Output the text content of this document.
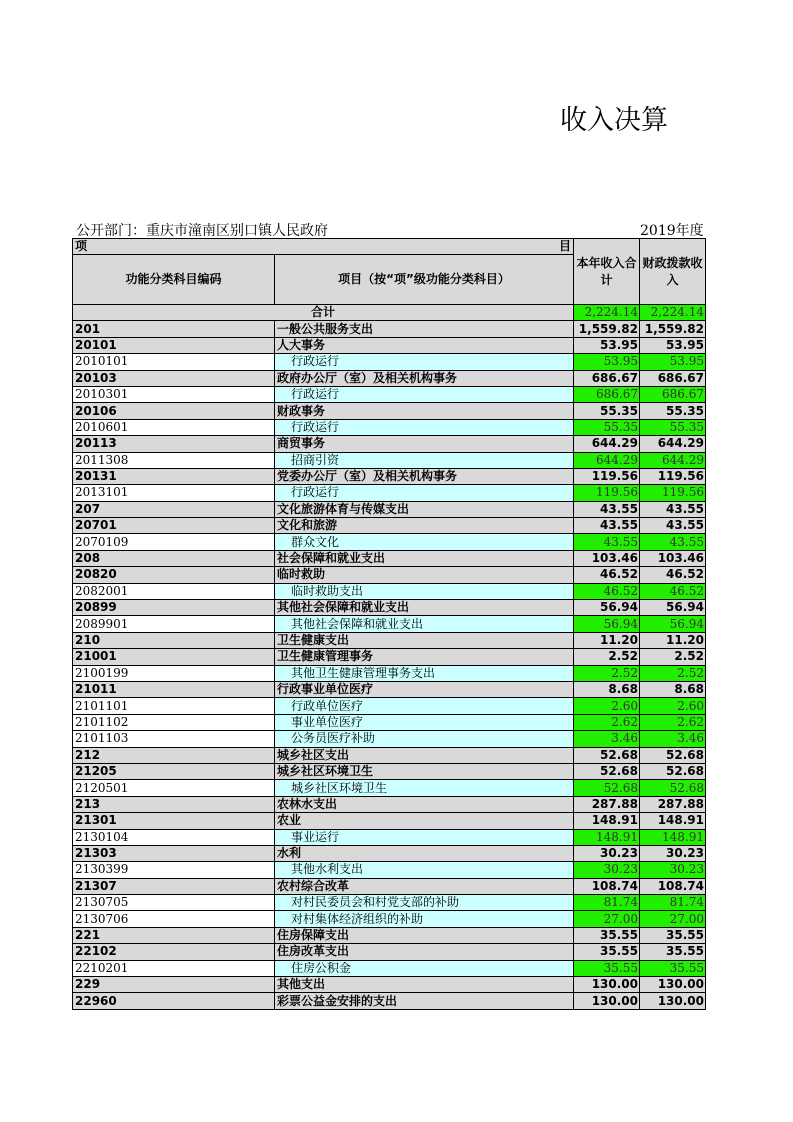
收入决算
公开部门：重庆市潼南区别口镇人民政府	2019年度
项 目		本年收入合计	财政拨款收入
功能分类科目编码	项目（按“项”级功能分类科目）		
合计		2,224.14	2,224.14
201	一般公共服务支出	1,559.82	1,559.82
20101	人大事务	53.95	53.95
2010101	行政运行	53.95	53.95
20103	政府办公厅（室）及相关机构事务	686.67	686.67
2010301	行政运行	686.67	686.67
20106	财政事务	55.35	55.35
2010601	行政运行	55.35	55.35
20113	商贸事务	644.29	644.29
2011308	招商引资	644.29	644.29
20131	党委办公厅（室）及相关机构事务	119.56	119.56
2013101	行政运行	119.56	119.56
207	文化旅游体育与传媒支出	43.55	43.55
20701	文化和旅游	43.55	43.55
2070109	群众文化	43.55	43.55
208	社会保障和就业支出	103.46	103.46
20820	临时救助	46.52	46.52
2082001	临时救助支出	46.52	46.52
20899	其他社会保障和就业支出	56.94	56.94
2089901	其他社会保障和就业支出	56.94	56.94
210	卫生健康支出	11.20	11.20
21001	卫生健康管理事务	2.52	2.52
2100199	其他卫生健康管理事务支出	2.52	2.52
21011	行政事业单位医疗	8.68	8.68
2101101	行政单位医疗	2.60	2.60
2101102	事业单位医疗	2.62	2.62
2101103	公务员医疗补助	3.46	3.46
212	城乡社区支出	52.68	52.68
21205	城乡社区环境卫生	52.68	52.68
2120501	城乡社区环境卫生	52.68	52.68
213	农林水支出	287.88	287.88
21301	农业	148.91	148.91
2130104	事业运行	148.91	148.91
21303	水利	30.23	30.23
2130399	其他水利支出	30.23	30.23
21307	农村综合改革	108.74	108.74
2130705	对村民委员会和村党支部的补助	81.74	81.74
2130706	对村集体经济组织的补助	27.00	27.00
221	住房保障支出	35.55	35.55
22102	住房改革支出	35.55	35.55
2210201	住房公积金	35.55	35.55
229	其他支出	130.00	130.00
22960	彩票公益金安排的支出	130.00	130.00
